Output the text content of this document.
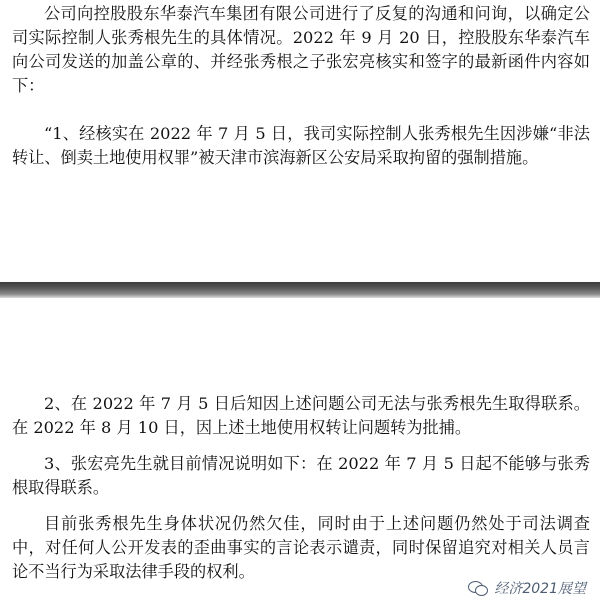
公司向控股股东华泰汽车集团有限公司进行了反复的沟通和问询，以确定公司实际控制人张秀根先生的具体情况。2022 年 9 月 20 日，控股股东华泰汽车向公司发送的加盖公章的、并经张秀根之子张宏亮核实和签字的最新函件内容如下：

“1、经核实在 2022 年 7 月 5 日，我司实际控制人张秀根先生因涉嫌“非法转让、倒卖土地使用权罪”被天津市滨海新区公安局采取拘留的强制措施。

2、在 2022 年 7 月 5 日后知因上述问题公司无法与张秀根先生取得联系。在 2022 年 8 月 10 日，因上述土地使用权转让问题转为批捕。

3、张宏亮先生就目前情况说明如下：在 2022 年 7 月 5 日起不能够与张秀根取得联系。

目前张秀根先生身体状况仍然欠佳，同时由于上述问题仍然处于司法调查中，对任何人公开发表的歪曲事实的言论表示谴责，同时保留追究对相关人员言论不当行为采取法律手段的权利。

经济2021展望
